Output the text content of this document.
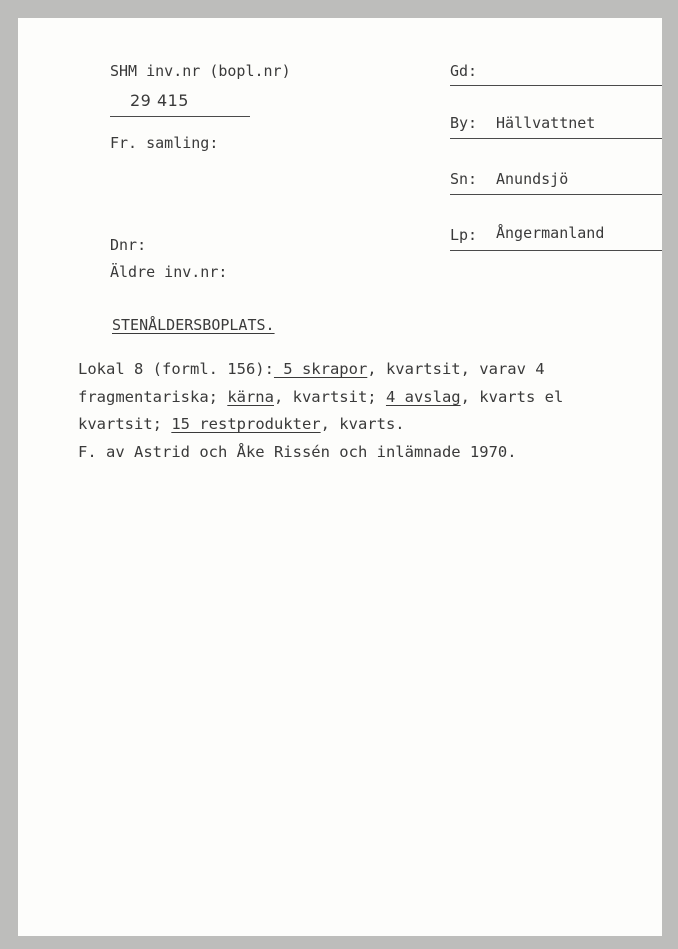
SHM inv.nr (bopl.nr)
29 415
Fr. samling:
Dnr:
Äldre inv.nr:
Gd:
By: Hällvattnet
Sn: Anundsjö
Lp: Ångermanland
STENÅLDERSBOPLATS.
Lokal 8 (forml. 156): 5 skrapor, kvartsit, varav 4
fragmentariska; kärna, kvartsit; 4 avslag, kvarts el
kvartsit; 15 restprodukter, kvarts.
F. av Astrid och Åke Rissén och inlämnade 1970.
